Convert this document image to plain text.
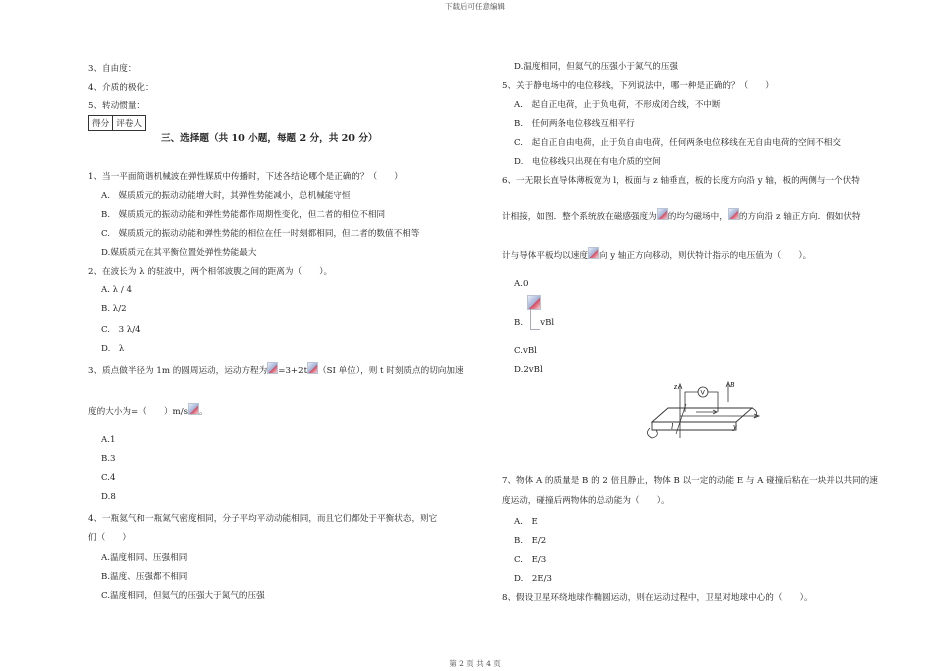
下载后可任意编辑
第 2 页 共 4 页
3、自由度：
4、介质的极化：
5、转动惯量：
得分	评卷人
三、选择题（共 10 小题，每题 2 分，共 20 分）
1、当一平面简谐机械波在弹性媒质中传播时，下述各结论哪个是正确的？（　　）
A.　媒质质元的振动动能增大时，其弹性势能减小，总机械能守恒
B.　媒质质元的振动动能和弹性势能都作周期性变化，但二者的相位不相同
C.　媒质质元的振动动能和弹性势能的相位在任一时刻都相同，但二者的数值不相等
D.媒质质元在其平衡位置处弹性势能最大
2、在波长为 λ 的驻波中，两个相邻波腹之间的距离为（　　）。
A. λ / 4
B. λ/2
C.　3 λ/4
D.　λ
3、质点做半径为 1m 的圆周运动，运动方程为 =3+2t （SI 单位），则 t 时刻质点的切向加速
度的大小为=（　　）m/s 。
A.1
B.3
C.4
D.8
4、一瓶氦气和一瓶氮气密度相同，分子平均平动动能相同，而且它们都处于平衡状态，则它
们（　　）
A.温度相同、压强相同
B.温度、压强都不相同
C.温度相同，但氦气的压强大于氮气的压强
D.温度相同，但氦气的压强小于氮气的压强
5、关于静电场中的电位移线，下列说法中，哪一种是正确的？（　　）
A.　起自正电荷，止于负电荷，不形成闭合线，不中断
B.　任何两条电位移线互相平行
C.　起自正自由电荷，止于负自由电荷，任何两条电位移线在无自由电荷的空间不相交
D.　电位移线只出现在有电介质的空间
6、一无限长直导体薄板宽为 l，板面与 z 轴垂直，板的长度方向沿 y 轴，板的两侧与一个伏特
计相接，如图．整个系统放在磁感强度为 的均匀磁场中， 的方向沿 z 轴正方向．假如伏特
计与导体平板均以速度 向 y 轴正方向移动，则伏特计指示的电压值为（　　）。
A.0
B.　　vBl
C.vBl
D.2vBl
z
y
l
V
B
7、物体 A 的质量是 B 的 2 倍且静止，物体 B 以一定的动能 E 与 A 碰撞后粘在一块并以共同的速
度运动，碰撞后两物体的总动能为（　　）。
A.　E
B.　E/2
C.　E/3
D.　2E/3
8、假设卫星环绕地球作椭圆运动，则在运动过程中，卫星对地球中心的（　　）。
